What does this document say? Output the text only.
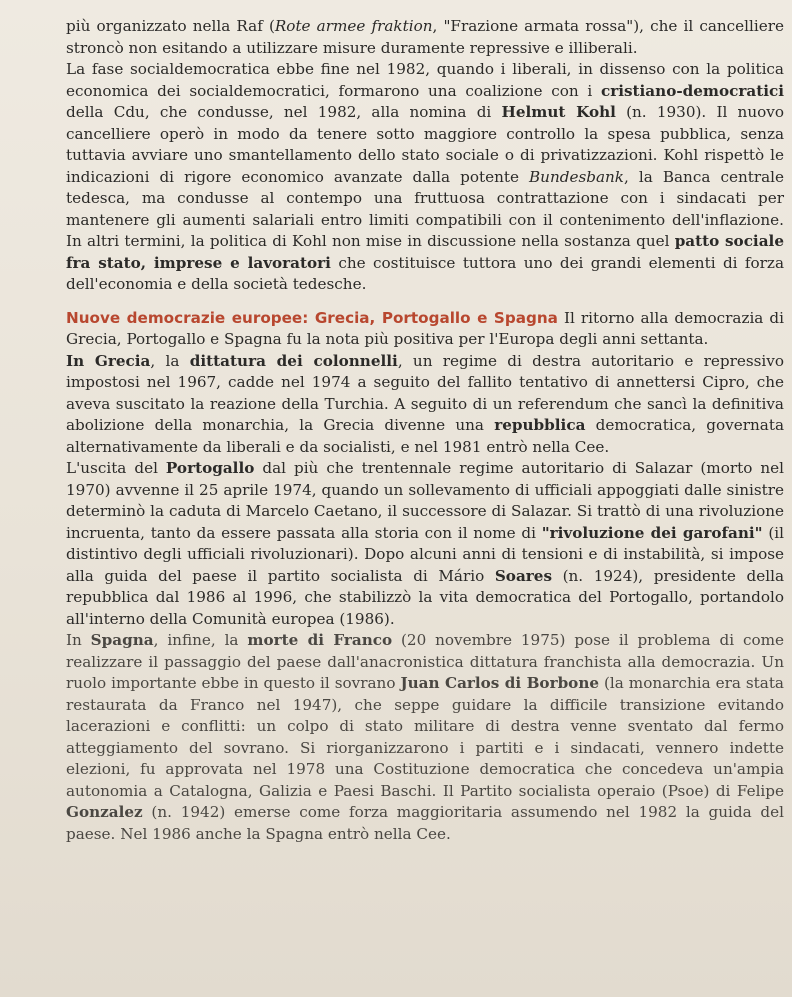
più organizzato nella Raf (Rote armee fraktion, "Frazione armata rossa"), che il cancelliere stroncò non esitando a utilizzare misure duramente repressive e illiberali.

La fase socialdemocratica ebbe fine nel 1982, quando i liberali, in dissenso con la politica economica dei socialdemocratici, formarono una coalizione con i cristiano-democratici della Cdu, che condusse, nel 1982, alla nomina di Helmut Kohl (n. 1930). Il nuovo cancelliere operò in modo da tenere sotto maggiore controllo la spesa pubblica, senza tuttavia avviare uno smantellamento dello stato sociale o di privatizzazioni. Kohl rispettò le indicazioni di rigore economico avanzate dalla potente Bundesbank, la Banca centrale tedesca, ma condusse al contempo una fruttuosa contrattazione con i sindacati per mantenere gli aumenti salariali entro limiti compatibili con il contenimento dell'inflazione. In altri termini, la politica di Kohl non mise in discussione nella sostanza quel patto sociale fra stato, imprese e lavoratori che costituisce tuttora uno dei grandi elementi di forza dell'economia e della società tedesche.

Nuove democrazie europee: Grecia, Portogallo e Spagna Il ritorno alla democrazia di Grecia, Portogallo e Spagna fu la nota più positiva per l'Europa degli anni settanta.

In Grecia, la dittatura dei colonnelli, un regime di destra autoritario e repressivo impostosi nel 1967, cadde nel 1974 a seguito del fallito tentativo di annettersi Cipro, che aveva suscitato la reazione della Turchia. A seguito di un referendum che sancì la definitiva abolizione della monarchia, la Grecia divenne una repubblica democratica, governata alternativamente da liberali e da socialisti, e nel 1981 entrò nella Cee.

L'uscita del Portogallo dal più che trentennale regime autoritario di Salazar (morto nel 1970) avvenne il 25 aprile 1974, quando un sollevamento di ufficiali appoggiati dalle sinistre determinò la caduta di Marcelo Caetano, il successore di Salazar. Si trattò di una rivoluzione incruenta, tanto da essere passata alla storia con il nome di "rivoluzione dei garofani" (il distintivo degli ufficiali rivoluzionari). Dopo alcuni anni di tensioni e di instabilità, si impose alla guida del paese il partito socialista di Mário Soares (n. 1924), presidente della repubblica dal 1986 al 1996, che stabilizzò la vita democratica del Portogallo, portandolo all'interno della Comunità europea (1986).

In Spagna, infine, la morte di Franco (20 novembre 1975) pose il problema di come realizzare il passaggio del paese dall'anacronistica dittatura franchista alla democrazia. Un ruolo importante ebbe in questo il sovrano Juan Carlos di Borbone (la monarchia era stata restaurata da Franco nel 1947), che seppe guidare la difficile transizione evitando lacerazioni e conflitti: un colpo di stato militare di destra venne sventato dal fermo atteggiamento del sovrano. Si riorganizzarono i partiti e i sindacati, vennero indette elezioni, fu approvata nel 1978 una Costituzione democratica che concedeva un'ampia autonomia a Catalogna, Galizia e Paesi Baschi. Il Partito socialista operaio (Psoe) di Felipe Gonzalez (n. 1942) emerse come forza maggioritaria assumendo nel 1982 la guida del paese. Nel 1986 anche la Spagna entrò nella Cee.
